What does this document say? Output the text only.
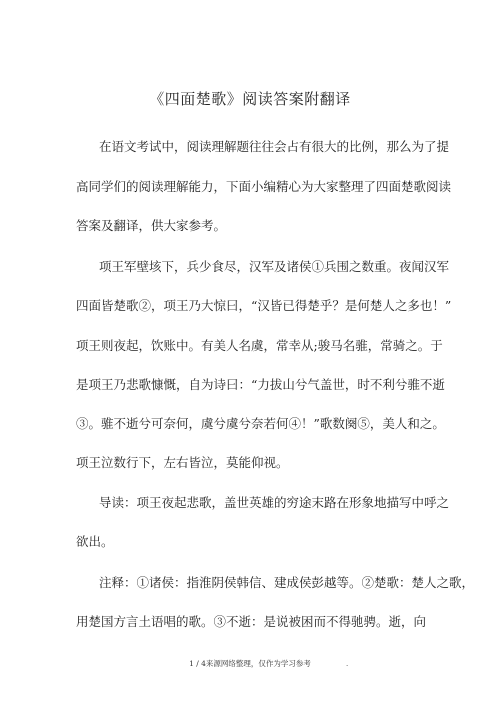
《四面楚歌》阅读答案附翻译
在语文考试中，阅读理解题往往会占有很大的比例，那么为了提
高同学们的阅读理解能力，下面小编精心为大家整理了四面楚歌阅读
答案及翻译，供大家参考。
项王军壁垓下，兵少食尽，汉军及诸侯①兵围之数重。夜闻汉军
四面皆楚歌②，项王乃大惊曰，“汉皆已得楚乎？是何楚人之多也！”
项王则夜起，饮账中。有美人名虞，常幸从;骏马名骓，常骑之。于
是项王乃悲歌慷慨，自为诗曰：“力拔山兮气盖世，时不利兮骓不逝
③。骓不逝兮可奈何，虞兮虞兮奈若何④！”歌数阕⑤，美人和之。
项王泣数行下，左右皆泣，莫能仰视。
导读：项王夜起悲歌，盖世英雄的穷途末路在形象地描写中呼之
欲出。
注释：①诸侯：指淮阴侯韩信、建成侯彭越等。②楚歌：楚人之歌，
用楚国方言土语唱的歌。③不逝：是说被困而不得驰骋。逝，向
1 / 4来源网络整理，仅作为学习参考	.
